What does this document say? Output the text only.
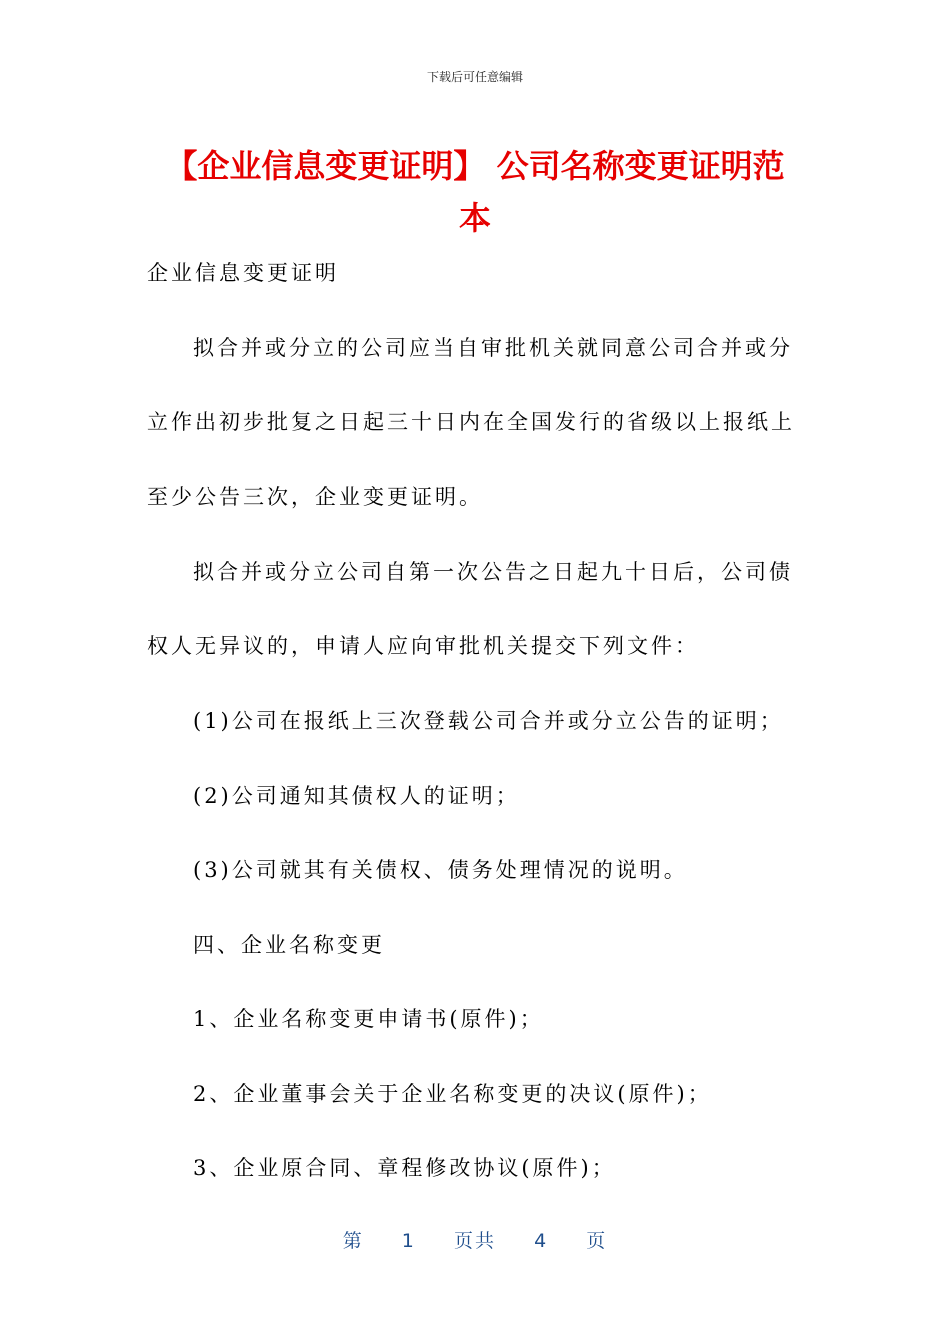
下载后可任意编辑
【企业信息变更证明】 公司名称变更证明范本

企业信息变更证明

拟合并或分立的公司应当自审批机关就同意公司合并或分

立作出初步批复之日起三十日内在全国发行的省级以上报纸上

至少公告三次，企业变更证明。

拟合并或分立公司自第一次公告之日起九十日后，公司债

权人无异议的，申请人应向审批机关提交下列文件：

(1)公司在报纸上三次登载公司合并或分立公告的证明；

(2)公司通知其债权人的证明；

(3)公司就其有关债权、债务处理情况的说明。

四、企业名称变更

1、企业名称变更申请书(原件)；

2、企业董事会关于企业名称变更的决议(原件)；

3、企业原合同、章程修改协议(原件)；

第 1 页共 4 页
